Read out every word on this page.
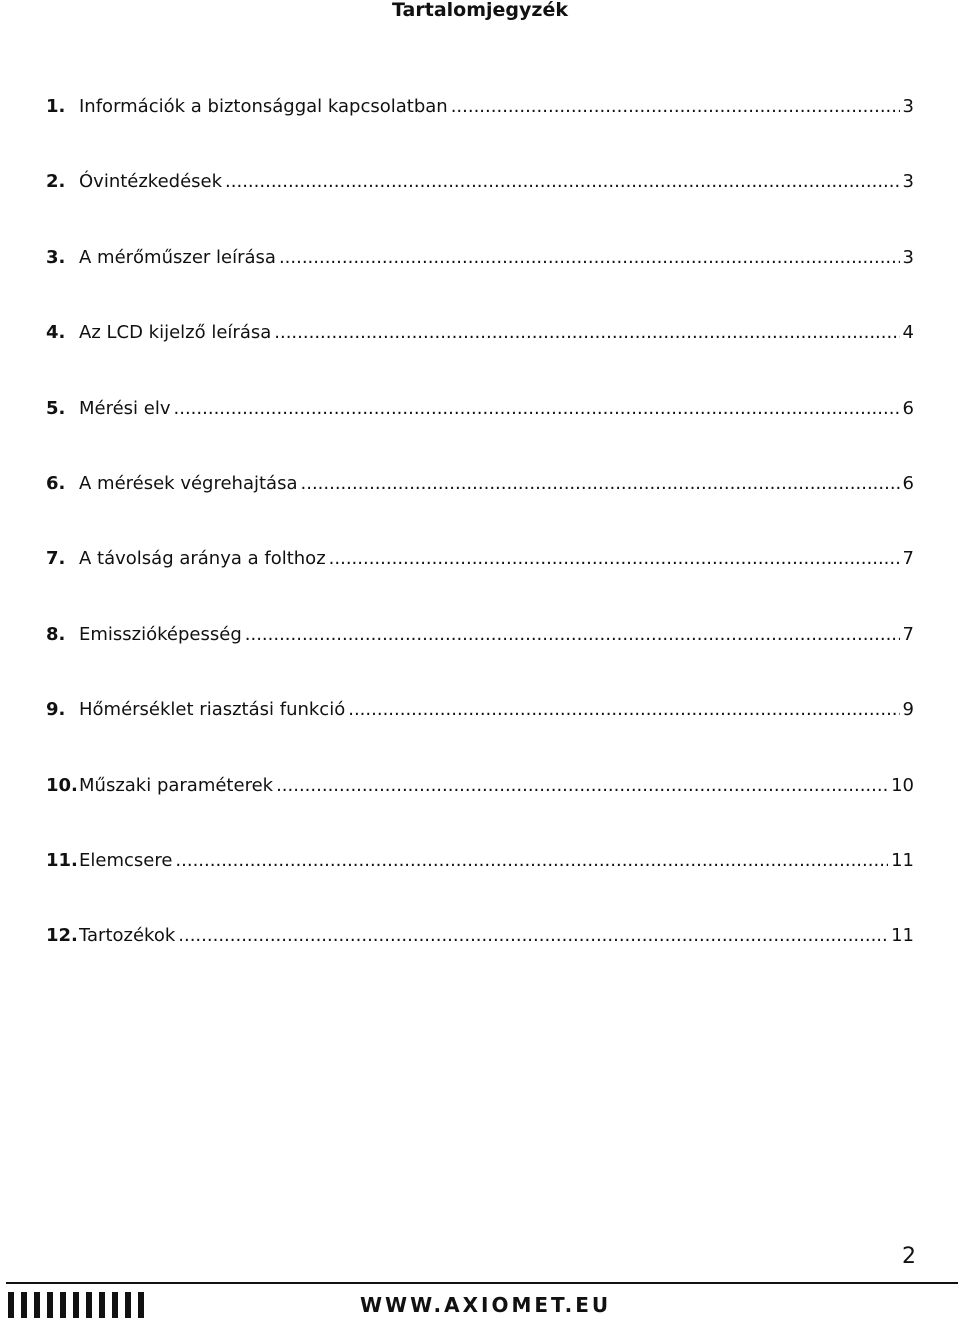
Tartalomjegyzék
1. Információk a biztonsággal kapcsolatban .....	3
2. Óvintézkedések .....	3
3. A mérőműszer leírása .....	3
4. Az LCD kijelző leírása .....	4
5. Mérési elv .....	6
6. A mérések végrehajtása .....	6
7. A távolság aránya a folthoz .....	7
8. Emisszióképesség .....	7
9. Hőmérséklet riasztási funkció .....	9
10. Műszaki paraméterek .....	10
11. Elemcsere .....	11
12. Tartozékok .....	11
2
WWW.AXIOMET.EU
